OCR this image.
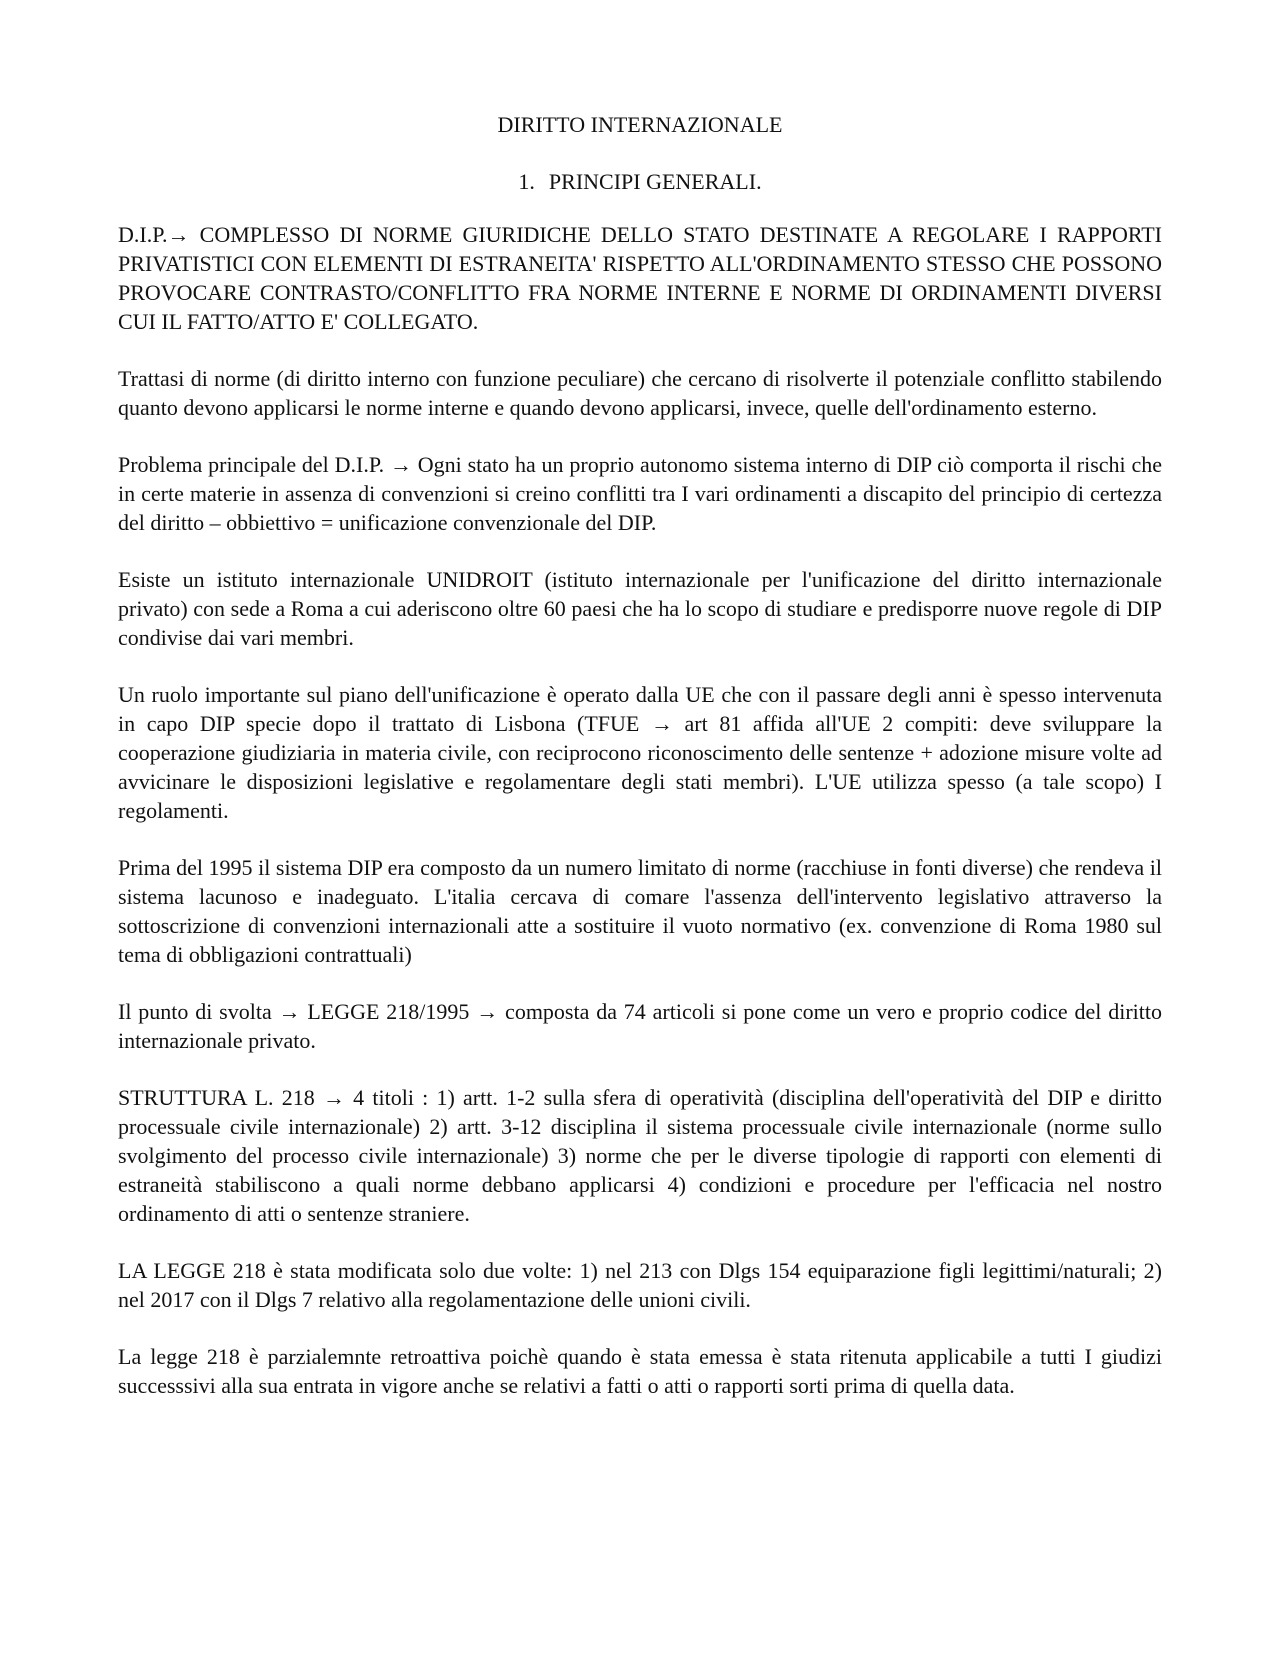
DIRITTO INTERNAZIONALE
1. PRINCIPI GENERALI.

D.I.P.→ COMPLESSO DI NORME GIURIDICHE DELLO STATO DESTINATE A REGOLARE I RAPPORTI PRIVATISTICI CON ELEMENTI DI ESTRANEITA' RISPETTO ALL'ORDINAMENTO STESSO CHE POSSONO PROVOCARE CONTRASTO/CONFLITTO FRA NORME INTERNE E NORME DI ORDINAMENTI DIVERSI CUI IL FATTO/ATTO E' COLLEGATO.

Trattasi di norme (di diritto interno con funzione peculiare) che cercano di risolverte il potenziale conflitto stabilendo quanto devono applicarsi le norme interne e quando devono applicarsi, invece, quelle dell'ordinamento esterno.

Problema principale del D.I.P. → Ogni stato ha un proprio autonomo sistema interno di DIP ciò comporta il rischi che in certe materie in assenza di convenzioni si creino conflitti tra I vari ordinamenti a discapito del principio di certezza del diritto – obbiettivo = unificazione convenzionale del DIP.

Esiste un istituto internazionale UNIDROIT (istituto internazionale per l'unificazione del diritto internazionale privato) con sede a Roma a cui aderiscono oltre 60 paesi che ha lo scopo di studiare e predisporre nuove regole di DIP condivise dai vari membri.

Un ruolo importante sul piano dell'unificazione è operato dalla UE che con il passare degli anni è spesso intervenuta in capo DIP specie dopo il trattato di Lisbona (TFUE → art 81 affida all'UE 2 compiti: deve sviluppare la cooperazione giudiziaria in materia civile, con reciprocono riconoscimento delle sentenze + adozione misure volte ad avvicinare le disposizioni legislative e regolamentare degli stati membri). L'UE utilizza spesso (a tale scopo) I regolamenti.

Prima del 1995 il sistema DIP era composto da un numero limitato di norme (racchiuse in fonti diverse) che rendeva il sistema lacunoso e inadeguato. L'italia cercava di comare l'assenza dell'intervento legislativo attraverso la sottoscrizione di convenzioni internazionali atte a sostituire il vuoto normativo (ex. convenzione di Roma 1980 sul tema di obbligazioni contrattuali)

Il punto di svolta → LEGGE 218/1995 → composta da 74 articoli si pone come un vero e proprio codice del diritto internazionale privato.

STRUTTURA L. 218 → 4 titoli : 1) artt. 1-2 sulla sfera di operatività (disciplina dell'operatività del DIP e diritto processuale civile internazionale) 2) artt. 3-12 disciplina il sistema processuale civile internazionale (norme sullo svolgimento del processo civile internazionale) 3) norme che per le diverse tipologie di rapporti con elementi di estraneità stabiliscono a quali norme debbano applicarsi 4) condizioni e procedure per l'efficacia nel nostro ordinamento di atti o sentenze straniere.

LA LEGGE 218 è stata modificata solo due volte: 1) nel 213 con Dlgs 154 equiparazione figli legittimi/naturali; 2) nel 2017 con il Dlgs 7 relativo alla regolamentazione delle unioni civili.

La legge 218 è parzialemnte retroattiva poichè quando è stata emessa è stata ritenuta applicabile a tutti I giudizi successsivi alla sua entrata in vigore anche se relativi a fatti o atti o rapporti sorti prima di quella data.
